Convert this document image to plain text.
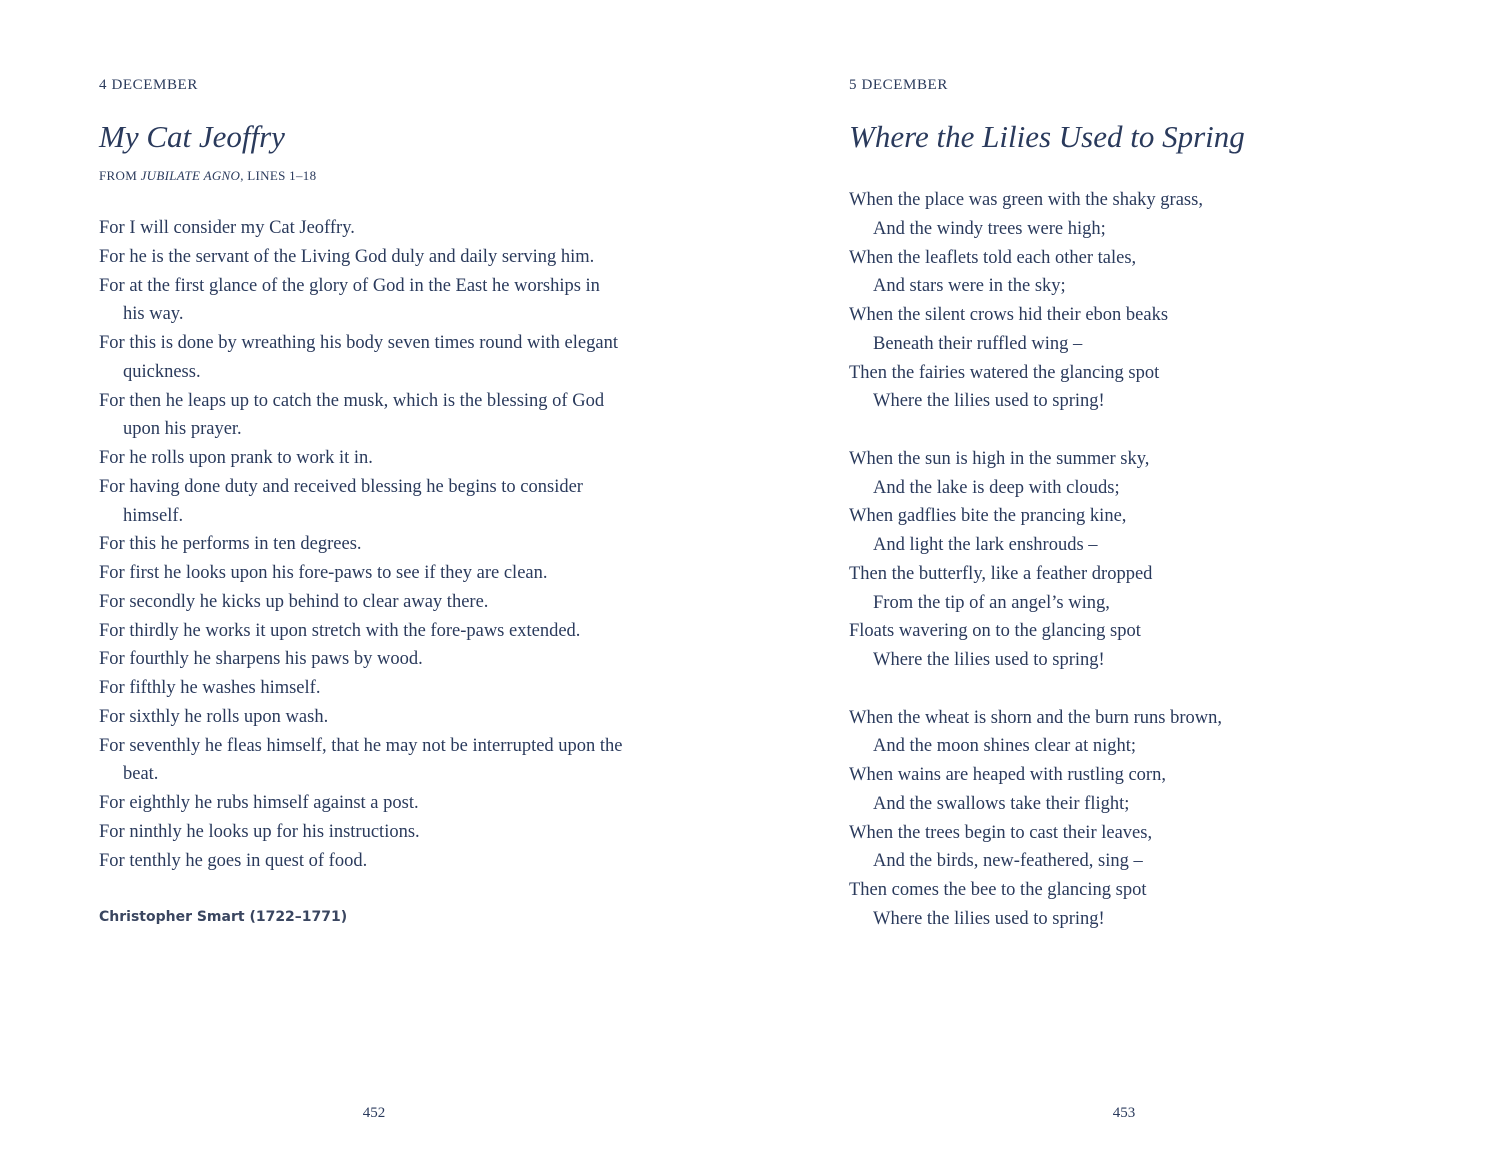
4 DECEMBER
My Cat Jeoffry
FROM JUBILATE AGNO, LINES 1–18
For I will consider my Cat Jeoffry.
For he is the servant of the Living God duly and daily serving him.
For at the first glance of the glory of God in the East he worships in
his way.
For this is done by wreathing his body seven times round with elegant
quickness.
For then he leaps up to catch the musk, which is the blessing of God
upon his prayer.
For he rolls upon prank to work it in.
For having done duty and received blessing he begins to consider
himself.
For this he performs in ten degrees.
For first he looks upon his fore-paws to see if they are clean.
For secondly he kicks up behind to clear away there.
For thirdly he works it upon stretch with the fore-paws extended.
For fourthly he sharpens his paws by wood.
For fifthly he washes himself.
For sixthly he rolls upon wash.
For seventhly he fleas himself, that he may not be interrupted upon the
beat.
For eighthly he rubs himself against a post.
For ninthly he looks up for his instructions.
For tenthly he goes in quest of food.
Christopher Smart (1722–1771)
452
5 DECEMBER
Where the Lilies Used to Spring
When the place was green with the shaky grass,
And the windy trees were high;
When the leaflets told each other tales,
And stars were in the sky;
When the silent crows hid their ebon beaks
Beneath their ruffled wing –
Then the fairies watered the glancing spot
Where the lilies used to spring!
When the sun is high in the summer sky,
And the lake is deep with clouds;
When gadflies bite the prancing kine,
And light the lark enshrouds –
Then the butterfly, like a feather dropped
From the tip of an angel’s wing,
Floats wavering on to the glancing spot
Where the lilies used to spring!
When the wheat is shorn and the burn runs brown,
And the moon shines clear at night;
When wains are heaped with rustling corn,
And the swallows take their flight;
When the trees begin to cast their leaves,
And the birds, new-feathered, sing –
Then comes the bee to the glancing spot
Where the lilies used to spring!
453
